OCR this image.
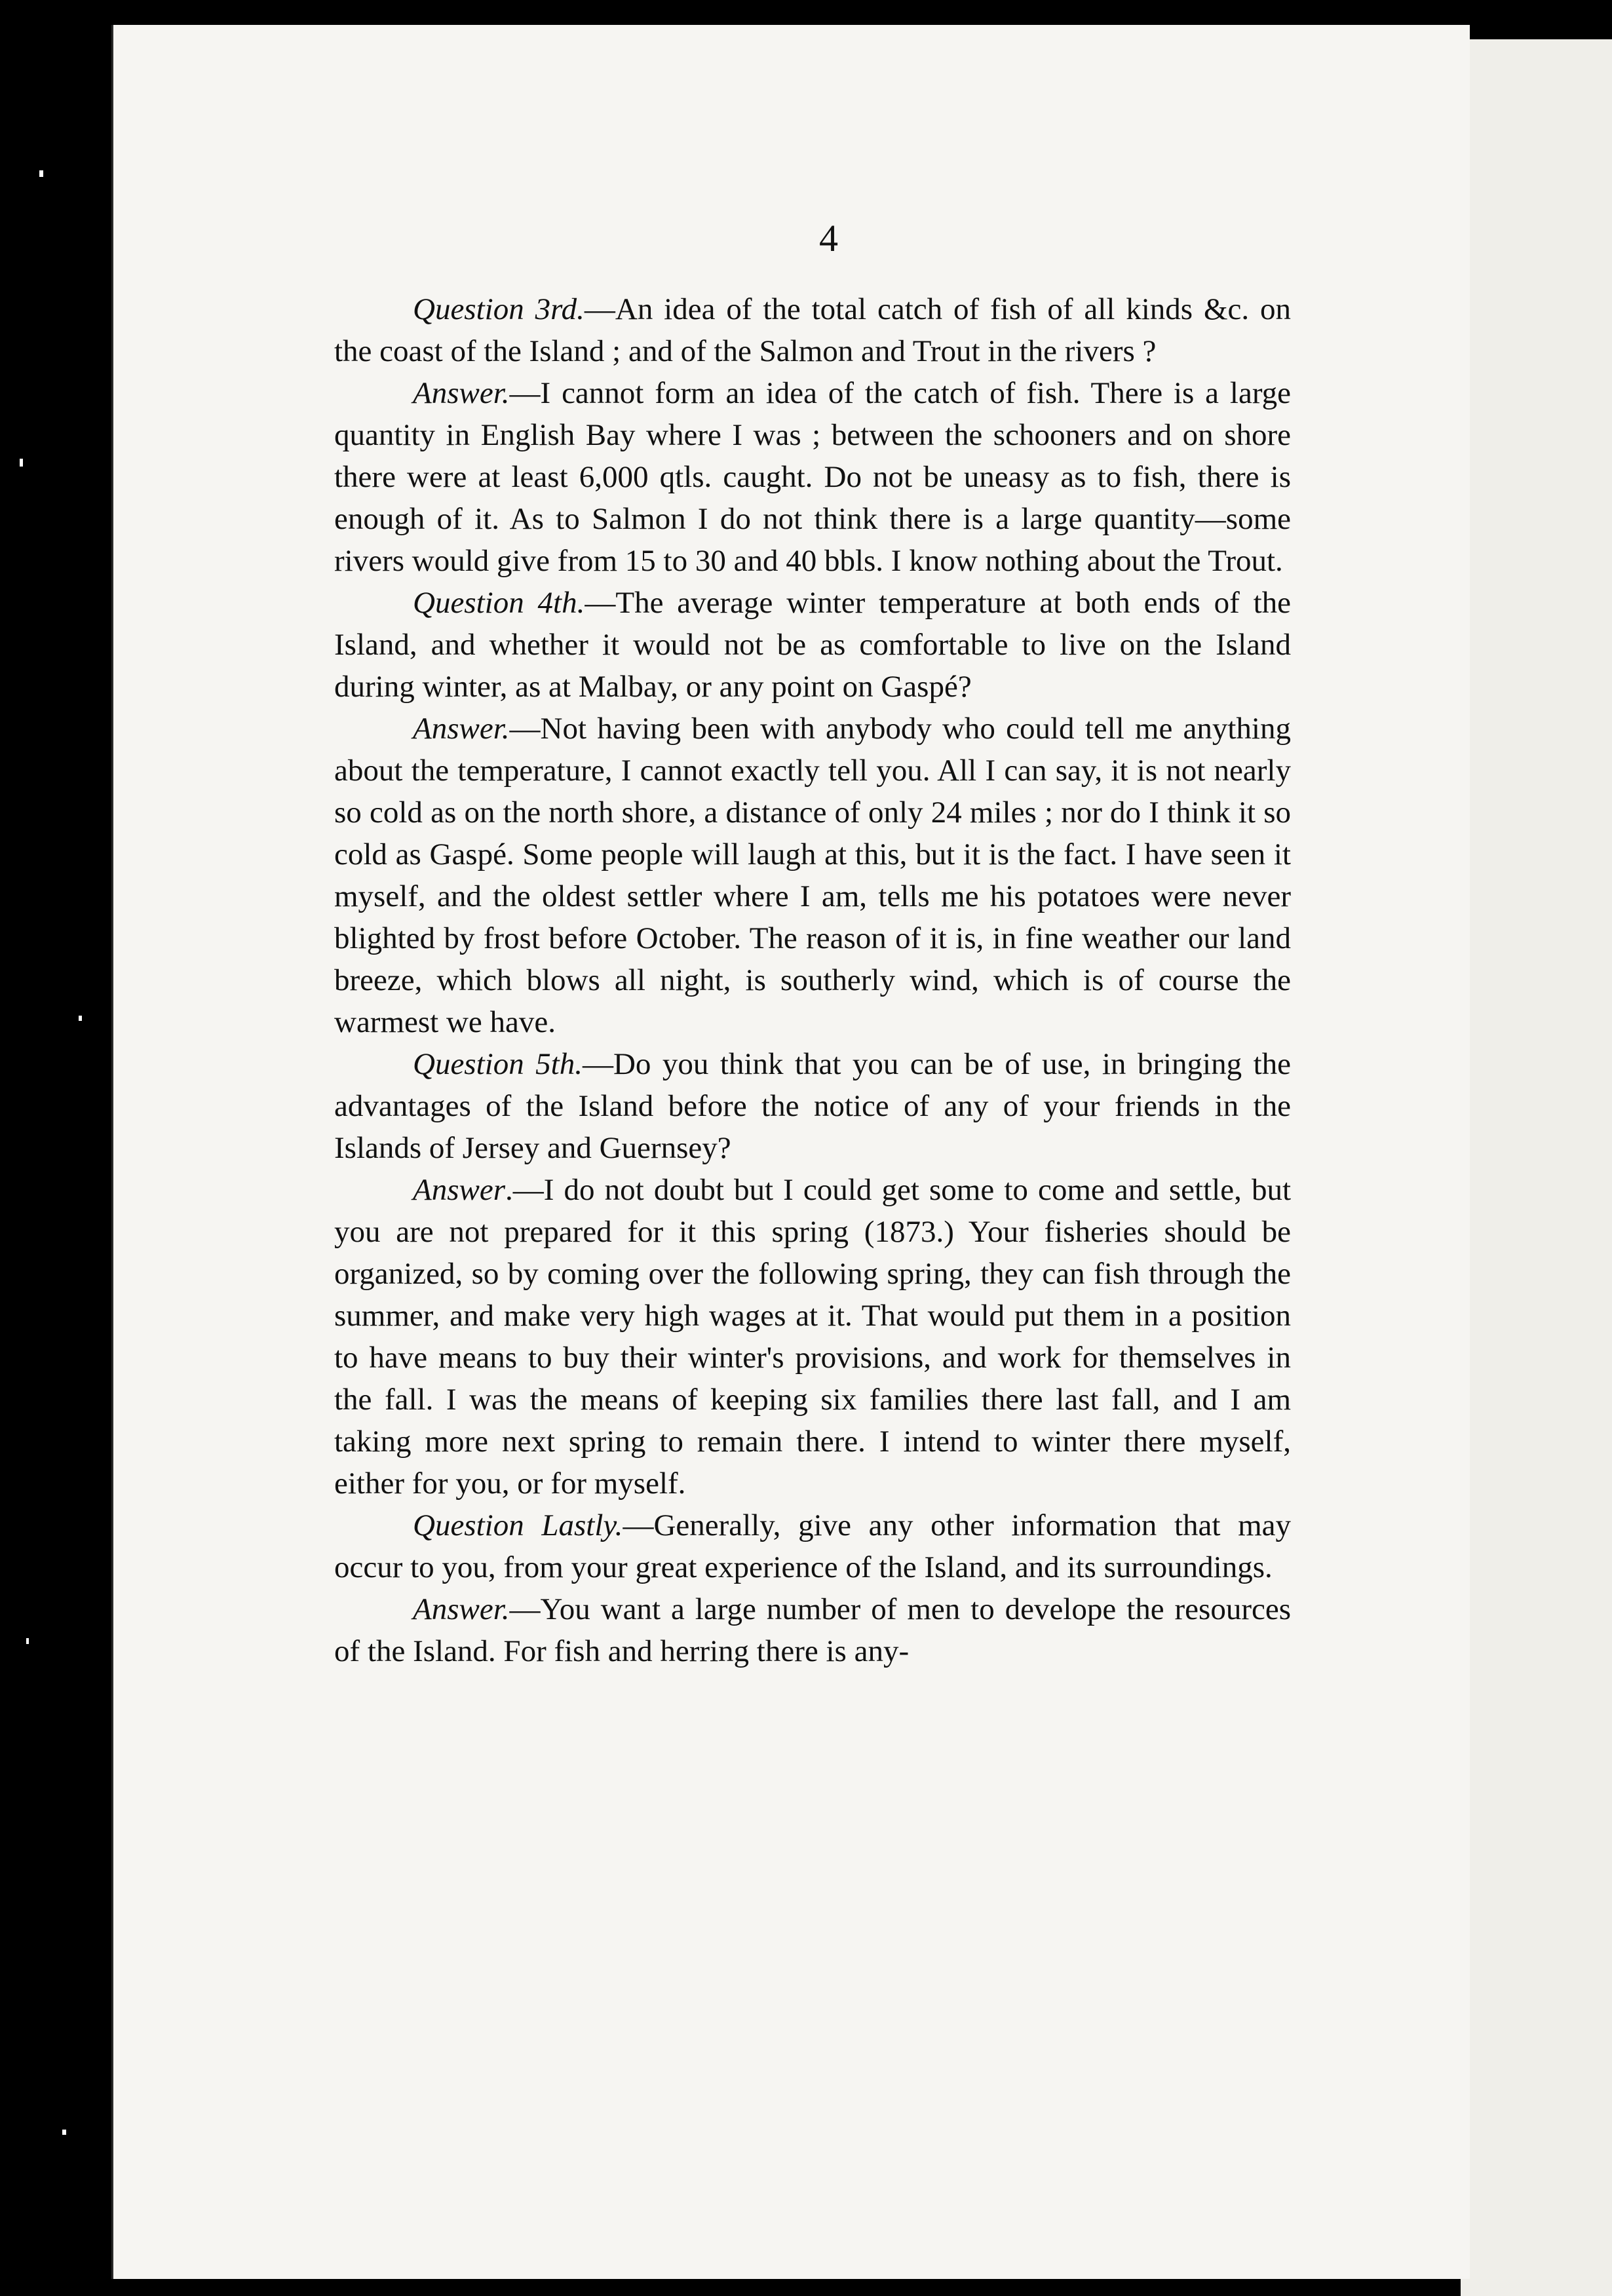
4

Question 3rd.—An idea of the total catch of fish of all kinds &c. on the coast of the Island ; and of the Salmon and Trout in the rivers ?

Answer.—I cannot form an idea of the catch of fish. There is a large quantity in English Bay where I was ; between the schooners and on shore there were at least 6,000 qtls. caught. Do not be uneasy as to fish, there is enough of it. As to Salmon I do not think there is a large quantity—some rivers would give from 15 to 30 and 40 bbls. I know nothing about the Trout.

Question 4th.—The average winter temperature at both ends of the Island, and whether it would not be as comfortable to live on the Island during winter, as at Malbay, or any point on Gaspé?

Answer.—Not having been with anybody who could tell me anything about the temperature, I cannot exactly tell you. All I can say, it is not nearly so cold as on the north shore, a distance of only 24 miles ; nor do I think it so cold as Gaspé. Some people will laugh at this, but it is the fact. I have seen it myself, and the oldest settler where I am, tells me his potatoes were never blighted by frost before October. The reason of it is, in fine weather our land breeze, which blows all night, is southerly wind, which is of course the warmest we have.

Question 5th.—Do you think that you can be of use, in bringing the advantages of the Island before the notice of any of your friends in the Islands of Jersey and Guernsey?

Answer.—I do not doubt but I could get some to come and settle, but you are not prepared for it this spring (1873.) Your fisheries should be organized, so by coming over the following spring, they can fish through the summer, and make very high wages at it. That would put them in a position to have means to buy their winter's provisions, and work for themselves in the fall. I was the means of keeping six families there last fall, and I am taking more next spring to remain there. I intend to winter there myself, either for you, or for myself.

Question Lastly.—Generally, give any other information that may occur to you, from your great experience of the Island, and its surroundings.

Answer.—You want a large number of men to develope the resources of the Island. For fish and herring there is any-
